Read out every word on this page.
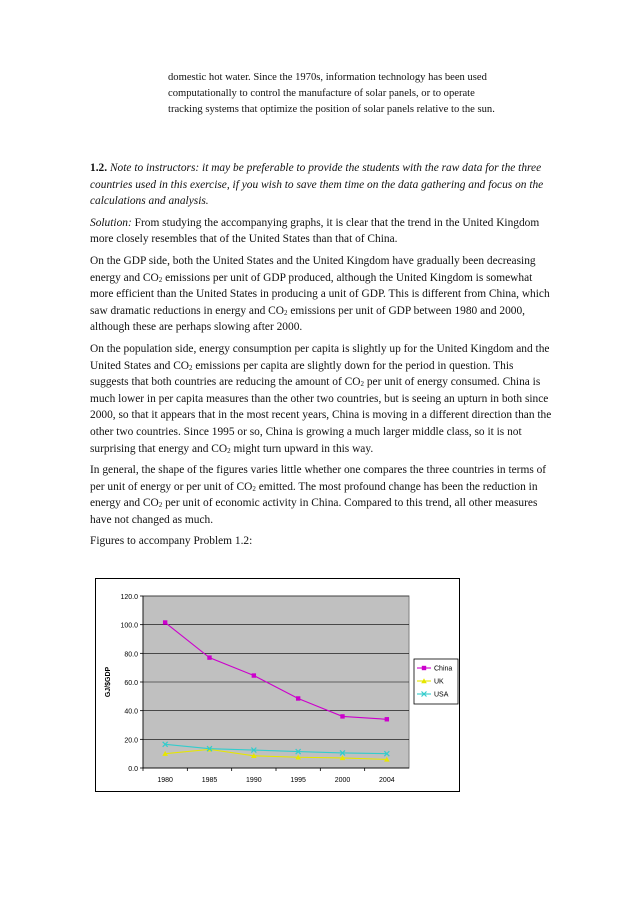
domestic hot water. Since the 1970s, information technology has been used
computationally to control the manufacture of solar panels, or to operate
tracking systems that optimize the position of solar panels relative to the sun.

1.2. Note to instructors: it may be preferable to provide the students with the raw data for the three countries used in this exercise, if you wish to save them time on the data gathering and focus on the calculations and analysis.

Solution: From studying the accompanying graphs, it is clear that the trend in the United Kingdom more closely resembles that of the United States than that of China.

On the GDP side, both the United States and the United Kingdom have gradually been decreasing energy and $CO_2$ emissions per unit of GDP produced, although the United Kingdom is somewhat more efficient than the United States in producing a unit of GDP. This is different from China, which saw dramatic reductions in energy and $CO_2$ emissions per unit of GDP between 1980 and 2000, although these are perhaps slowing after 2000.

On the population side, energy consumption per capita is slightly up for the United Kingdom and the United States and $CO_2$ emissions per capita are slightly down for the period in question. This suggests that both countries are reducing the amount of $CO_2$ per unit of energy consumed. China is much lower in per capita measures than the other two countries, but is seeing an upturn in both since 2000, so that it appears that in the most recent years, China is moving in a different direction than the other two countries. Since 1995 or so, China is growing a much larger middle class, so it is not surprising that energy and $CO_2$ might turn upward in this way.

In general, the shape of the figures varies little whether one compares the three countries in terms of per unit of energy or per unit of $CO_2$ emitted. The most profound change has been the reduction in energy and $CO_2$ per unit of economic activity in China. Compared to this trend, all other measures have not changed as much.

Figures to accompany Problem 1.2:

0.0
20.0
40.0
60.0
80.0
100.0
120.0
1980	1985	1990	1995	2000	2004
GJ/$GDP	China
UK
USA
